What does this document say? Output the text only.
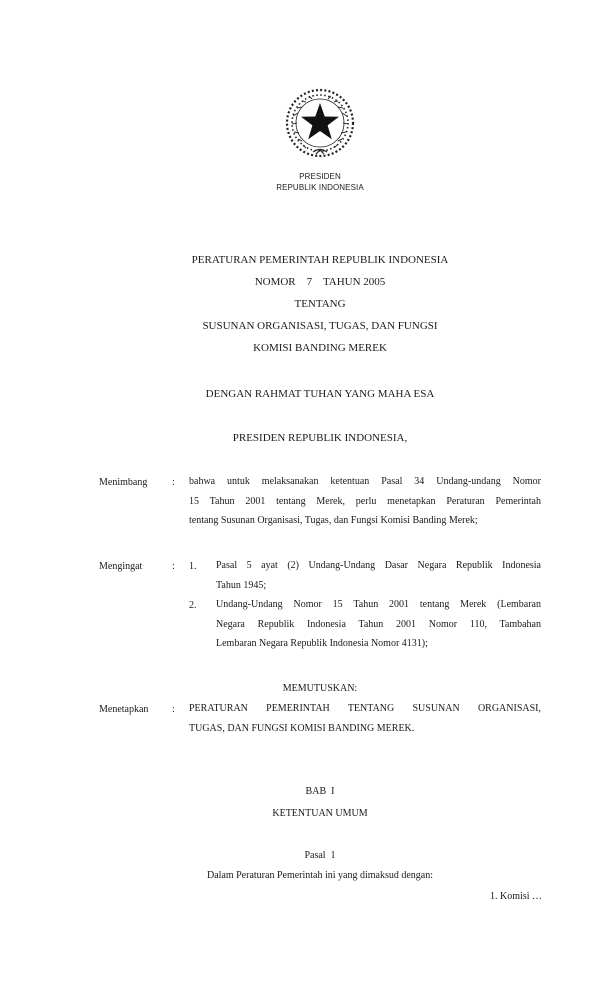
PRESIDEN
REPUBLIK INDONESIA
PERATURAN PEMERINTAH REPUBLIK INDONESIA
NOMOR    7    TAHUN 2005
TENTANG
SUSUNAN ORGANISASI, TUGAS, DAN FUNGSI
KOMISI BANDING MEREK
DENGAN RAHMAT TUHAN YANG MAHA ESA
PRESIDEN REPUBLIK INDONESIA,
Menimbang : bahwa untuk melaksanakan ketentuan Pasal 34 Undang-undang Nomor
15 Tahun 2001 tentang Merek, perlu menetapkan Peraturan Pemerintah
tentang Susunan Organisasi, Tugas, dan Fungsi Komisi Banding Merek;
Mengingat	: 1. Pasal 5 ayat (2) Undang-Undang Dasar Negara Republik Indonesia
Tahun 1945;
2. Undang-Undang Nomor 15 Tahun 2001 tentang Merek (Lembaran
Negara Republik Indonesia Tahun 2001 Nomor 110, Tambahan
Lembaran Negara Republik Indonesia Nomor 4131);
MEMUTUSKAN:
Menetapkan : PERATURAN PEMERINTAH TENTANG SUSUNAN ORGANISASI,
TUGAS, DAN FUNGSI KOMISI BANDING MEREK.
BAB  I
KETENTUAN UMUM
Pasal  1
Dalam Peraturan Pemerintah ini yang dimaksud dengan:
1. Komisi …
